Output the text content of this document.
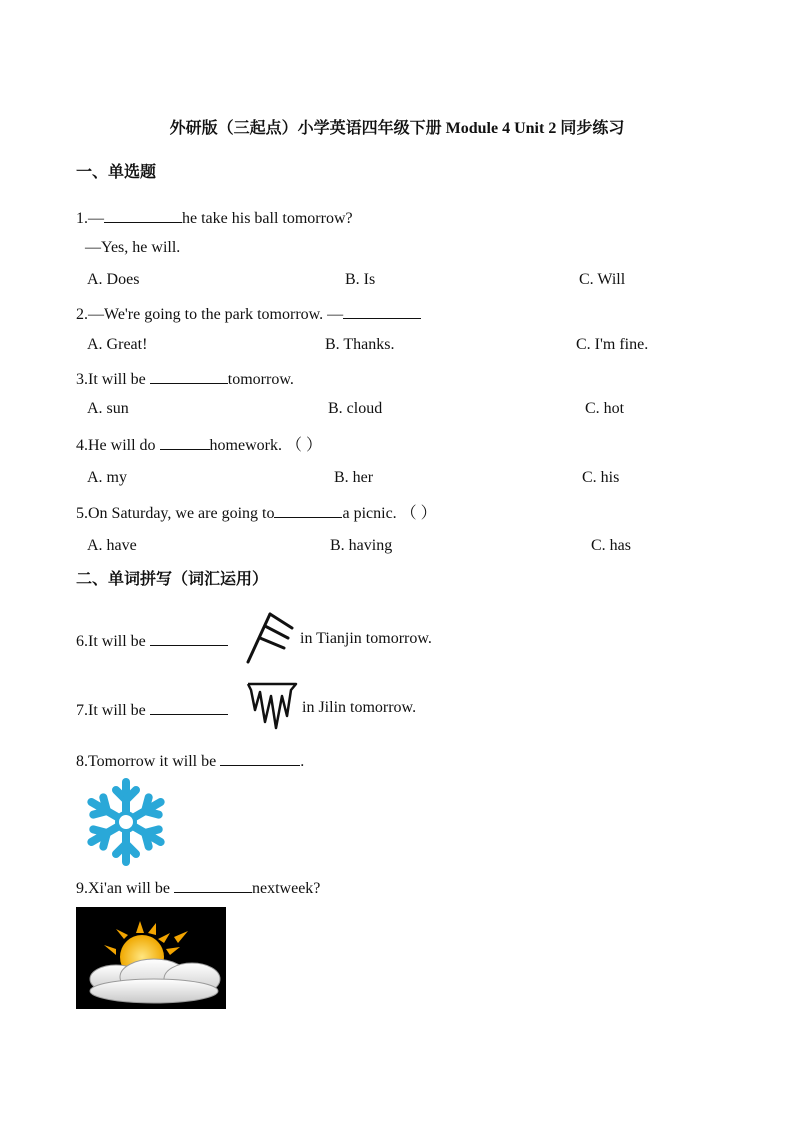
外研版（三起点）小学英语四年级下册 Module 4 Unit 2 同步练习
一、单选题
1.—	he take his ball tomorrow?
—Yes, he will.
A. Does	B. Is	C. Will
2.—We're going to the park tomorrow. —
A. Great!	B. Thanks.	C. I'm fine.
3.It will be	tomorrow.
A. sun	B. cloud	C. hot
4.He will do	homework. （ ）
A. my	B. her	C. his
5.On Saturday, we are going to	a picnic. （ ）
A. have	B. having	C. has
二、单词拼写（词汇运用）
6.It will be	in Tianjin tomorrow.
7.It will be	in Jilin tomorrow.
8.Tomorrow it will be	.
9.Xi'an will be	nextweek?
